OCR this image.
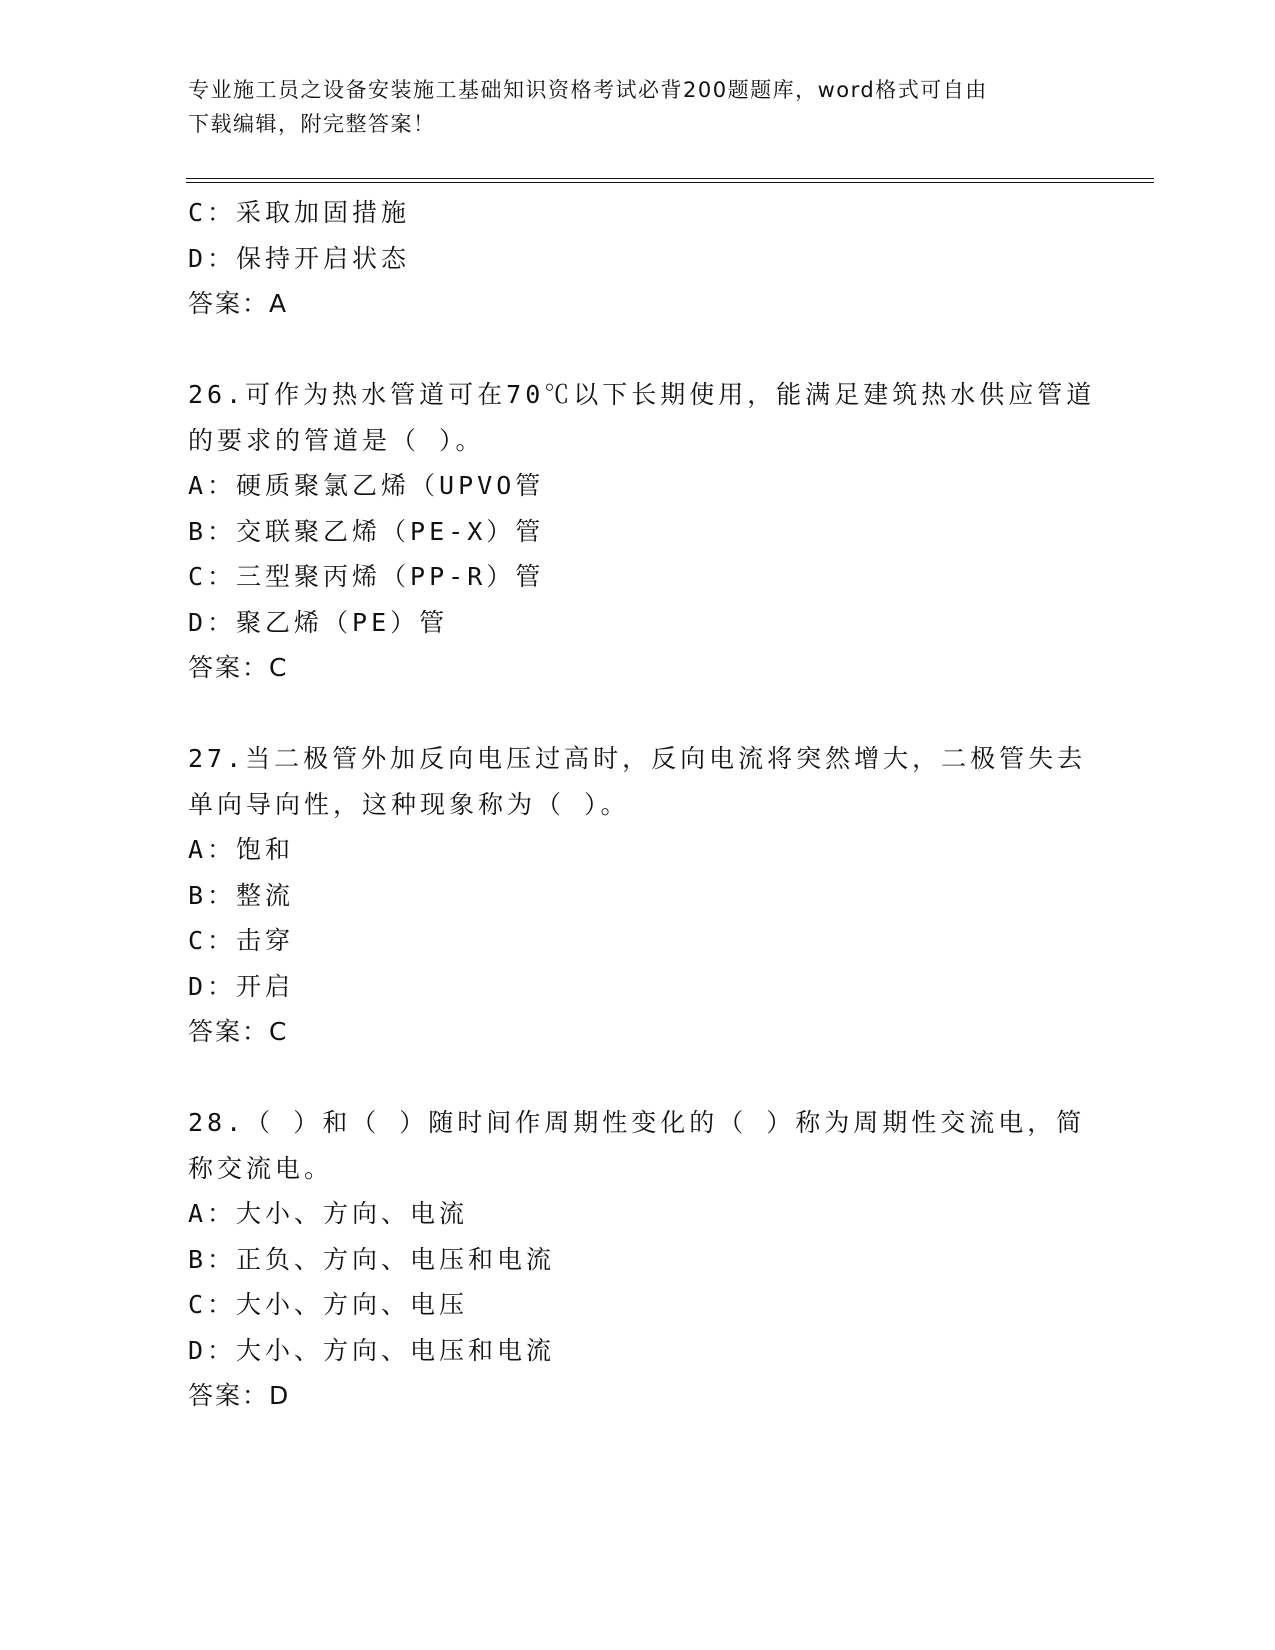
专业施工员之设备安装施工基础知识资格考试必背200题题库，word格式可自由
下载编辑，附完整答案！
C：采取加固措施
D：保持开启状态
答案：A
26.可作为热水管道可在70℃以下长期使用，能满足建筑热水供应管道
的要求的管道是（ ）。
A：硬质聚氯乙烯（UPVO管
B：交联聚乙烯（PE-X）管
C：三型聚丙烯（PP-R）管
D：聚乙烯（PE）管
答案：C
27.当二极管外加反向电压过高时，反向电流将突然增大，二极管失去
单向导向性，这种现象称为（ ）。
A：饱和
B：整流
C：击穿
D：开启
答案：C
28.（ ）和（ ）随时间作周期性变化的（ ）称为周期性交流电，简
称交流电。
A：大小、方向、电流
B：正负、方向、电压和电流
C：大小、方向、电压
D：大小、方向、电压和电流
答案：D
